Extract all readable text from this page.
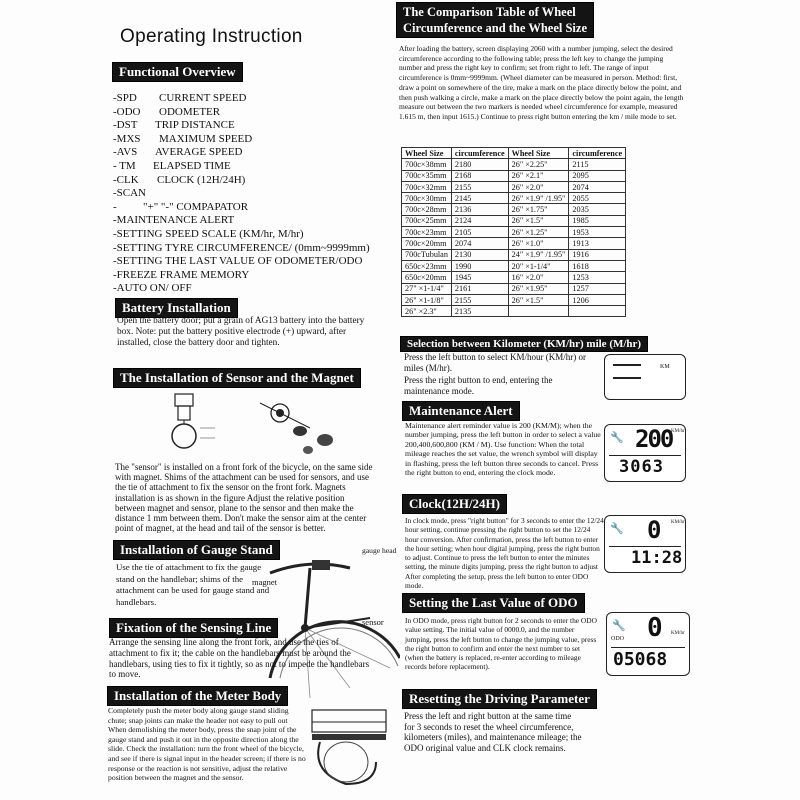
Operating Instruction
Functional Overview
-SPD CURRENT SPEED
-ODO ODOMETER
-DST TRIP DISTANCE
-MXS MAXIMUM SPEED
-AVS AVERAGE SPEED
- TM ELAPSED TIME
-CLK CLOCK (12H/24H)
-SCAN
- "+" "-" COMPAPATOR
-MAINTENANCE ALERT
-SETTING SPEED SCALE (KM/hr, M/hr)
-SETTING TYRE CIRCUMFERENCE/ (0mm~9999mm)
-SETTING THE LAST VALUE OF ODOMETER/ODO
-FREEZE FRAME MEMORY
-AUTO ON/ OFF
Battery Installation
Open the battery door; put a grain of AG13 battery into the battery box. Note: put the battery positive electrode (+) upward, after installed, close the battery door and tighten.
The Installation of Sensor and the Magnet
The "sensor" is installed on a front fork of the bicycle, on the same side with magnet. Shims of the attachment can be used for sensors, and use the tie of attachment to fix the sensor on the front fork. Magnets installation is as shown in the figure Adjust the relative position between magnet and sensor, plane to the sensor and then make the distance 1 mm between them. Don't make the sensor aim at the center point of magnet, at the head and tail of the sensor is better.
Installation of Gauge Stand
Use the tie of attachment to fix the gauge stand on the handlebar; shims of the attachment can be used for gauge stand and handlebars.
gauge head
magnet
sensor
Fixation of the Sensing Line
Arrange the sensing line along the front fork, and use the ties of attachment to fix it; the cable on the handlebars must be around the handlebars, using ties to fix it tightly, so as not to impede the handlebars to move.
Installation of the Meter Body
Completely push the meter body along gauge stand sliding chute; snap joints can make the header not easy to pull out When demolishing the meter body, press the snap joint of the gauge stand and push it out in the opposite direction along the slide. Check the installation: turn the front wheel of the bicycle, and see if there is signal input in the header screen; if there is no response or the reaction is not sensitive, adjust the relative position between the magnet and the sensor.
The Comparison Table of Wheel
Circumference and the Wheel Size
After loading the battery, screen displaying 2060 with a number jumping, select the desired circumference according to the following table; press the left key to change the jumping number and press the right key to confirm; set from right to left. The range of input circumference is 0mm~9999mm. (Wheel diameter can be measured in person. Method: first, draw a point on somewhere of the tire, make a mark on the place directly below the point, and then push walking a circle, make a mark on the place directly below the point again, the length measure out between the two markers is needed wheel circumference for example, measured 1.615 m, then input 1615.) Continue to press right button entering the km / mile mode to set.
Wheel Size	circumference	Wheel Size	circumference
700c×38mm	2180	26" ×2.25"	2115
700c×35mm	2168	26" ×2.1"	2095
700c×32mm	2155	26" ×2.0"	2074
700c×30mm	2145	26" ×1.9" /1.95"	2055
700c×28mm	2136	26" ×1.75"	2035
700c×25mm	2124	26" ×1.5"	1985
700c×23mm	2105	26" ×1.25"	1953
700c×20mm	2074	26" ×1.0"	1913
700cTubulan	2130	24" ×1.9" /1.95"	1916
650c×23mm	1990	20" ×1-1/4"	1618
650c×20mm	1945	16" ×2.0"	1253
27" ×1-1/4"	2161	26" ×1.95"	1257
26" ×1-1/8"	2155	26" ×1.5"	1206
26" ×2.3"	2135		
Selection between Kilometer (KM/hr) mile (M/hr)
Press the left button to select KM/hour (KM/hr) or miles (M/hr).
Press the right button to end, entering the maintenance mode.
KM
Maintenance Alert
Maintenance alert reminder value is 200 (KM/M); when the number jumping, press the left button in order to select a value 200,400,600,800 (KM / M). Use function: When the total mileage reaches the set value, the wrench symbol will display in flashing, press the left button three seconds to cancel. Press the right button to end, entering the clock mode.
🔧 200
KM/hr
3063
Clock(12H/24H)
In clock mode, press "right button" for 3 seconds to enter the 12/24 hour setting, continue pressing the right button to set the 12/24 hour conversion. After confirmation, press the left button to enter the hour setting; when hour digital jumping, press the right button to adjust. Continue to press the left button to enter the minutes setting, the minute digits jumping, press the right button to adjust After completing the setup, press the left button to enter ODO mode.
🔧 0 KM/hr
11:28
Setting the Last Value of ODO
In ODO mode, press right button for 2 seconds to enter the ODO value setting. The initial value of 0000.0, and the number jumping, press the left button to change the jumping value, press the right button to confirm and enter the next number to set (when the battery is replaced, re-enter according to mileage records before replacement).
🔧
ODO 0 KM/hr
05068
Resetting the Driving Parameter
Press the left and right button at the same time for 3 seconds to reset the wheel circumference, kilometers (miles), and maintenance mileage; the ODO original value and CLK clock remains.
